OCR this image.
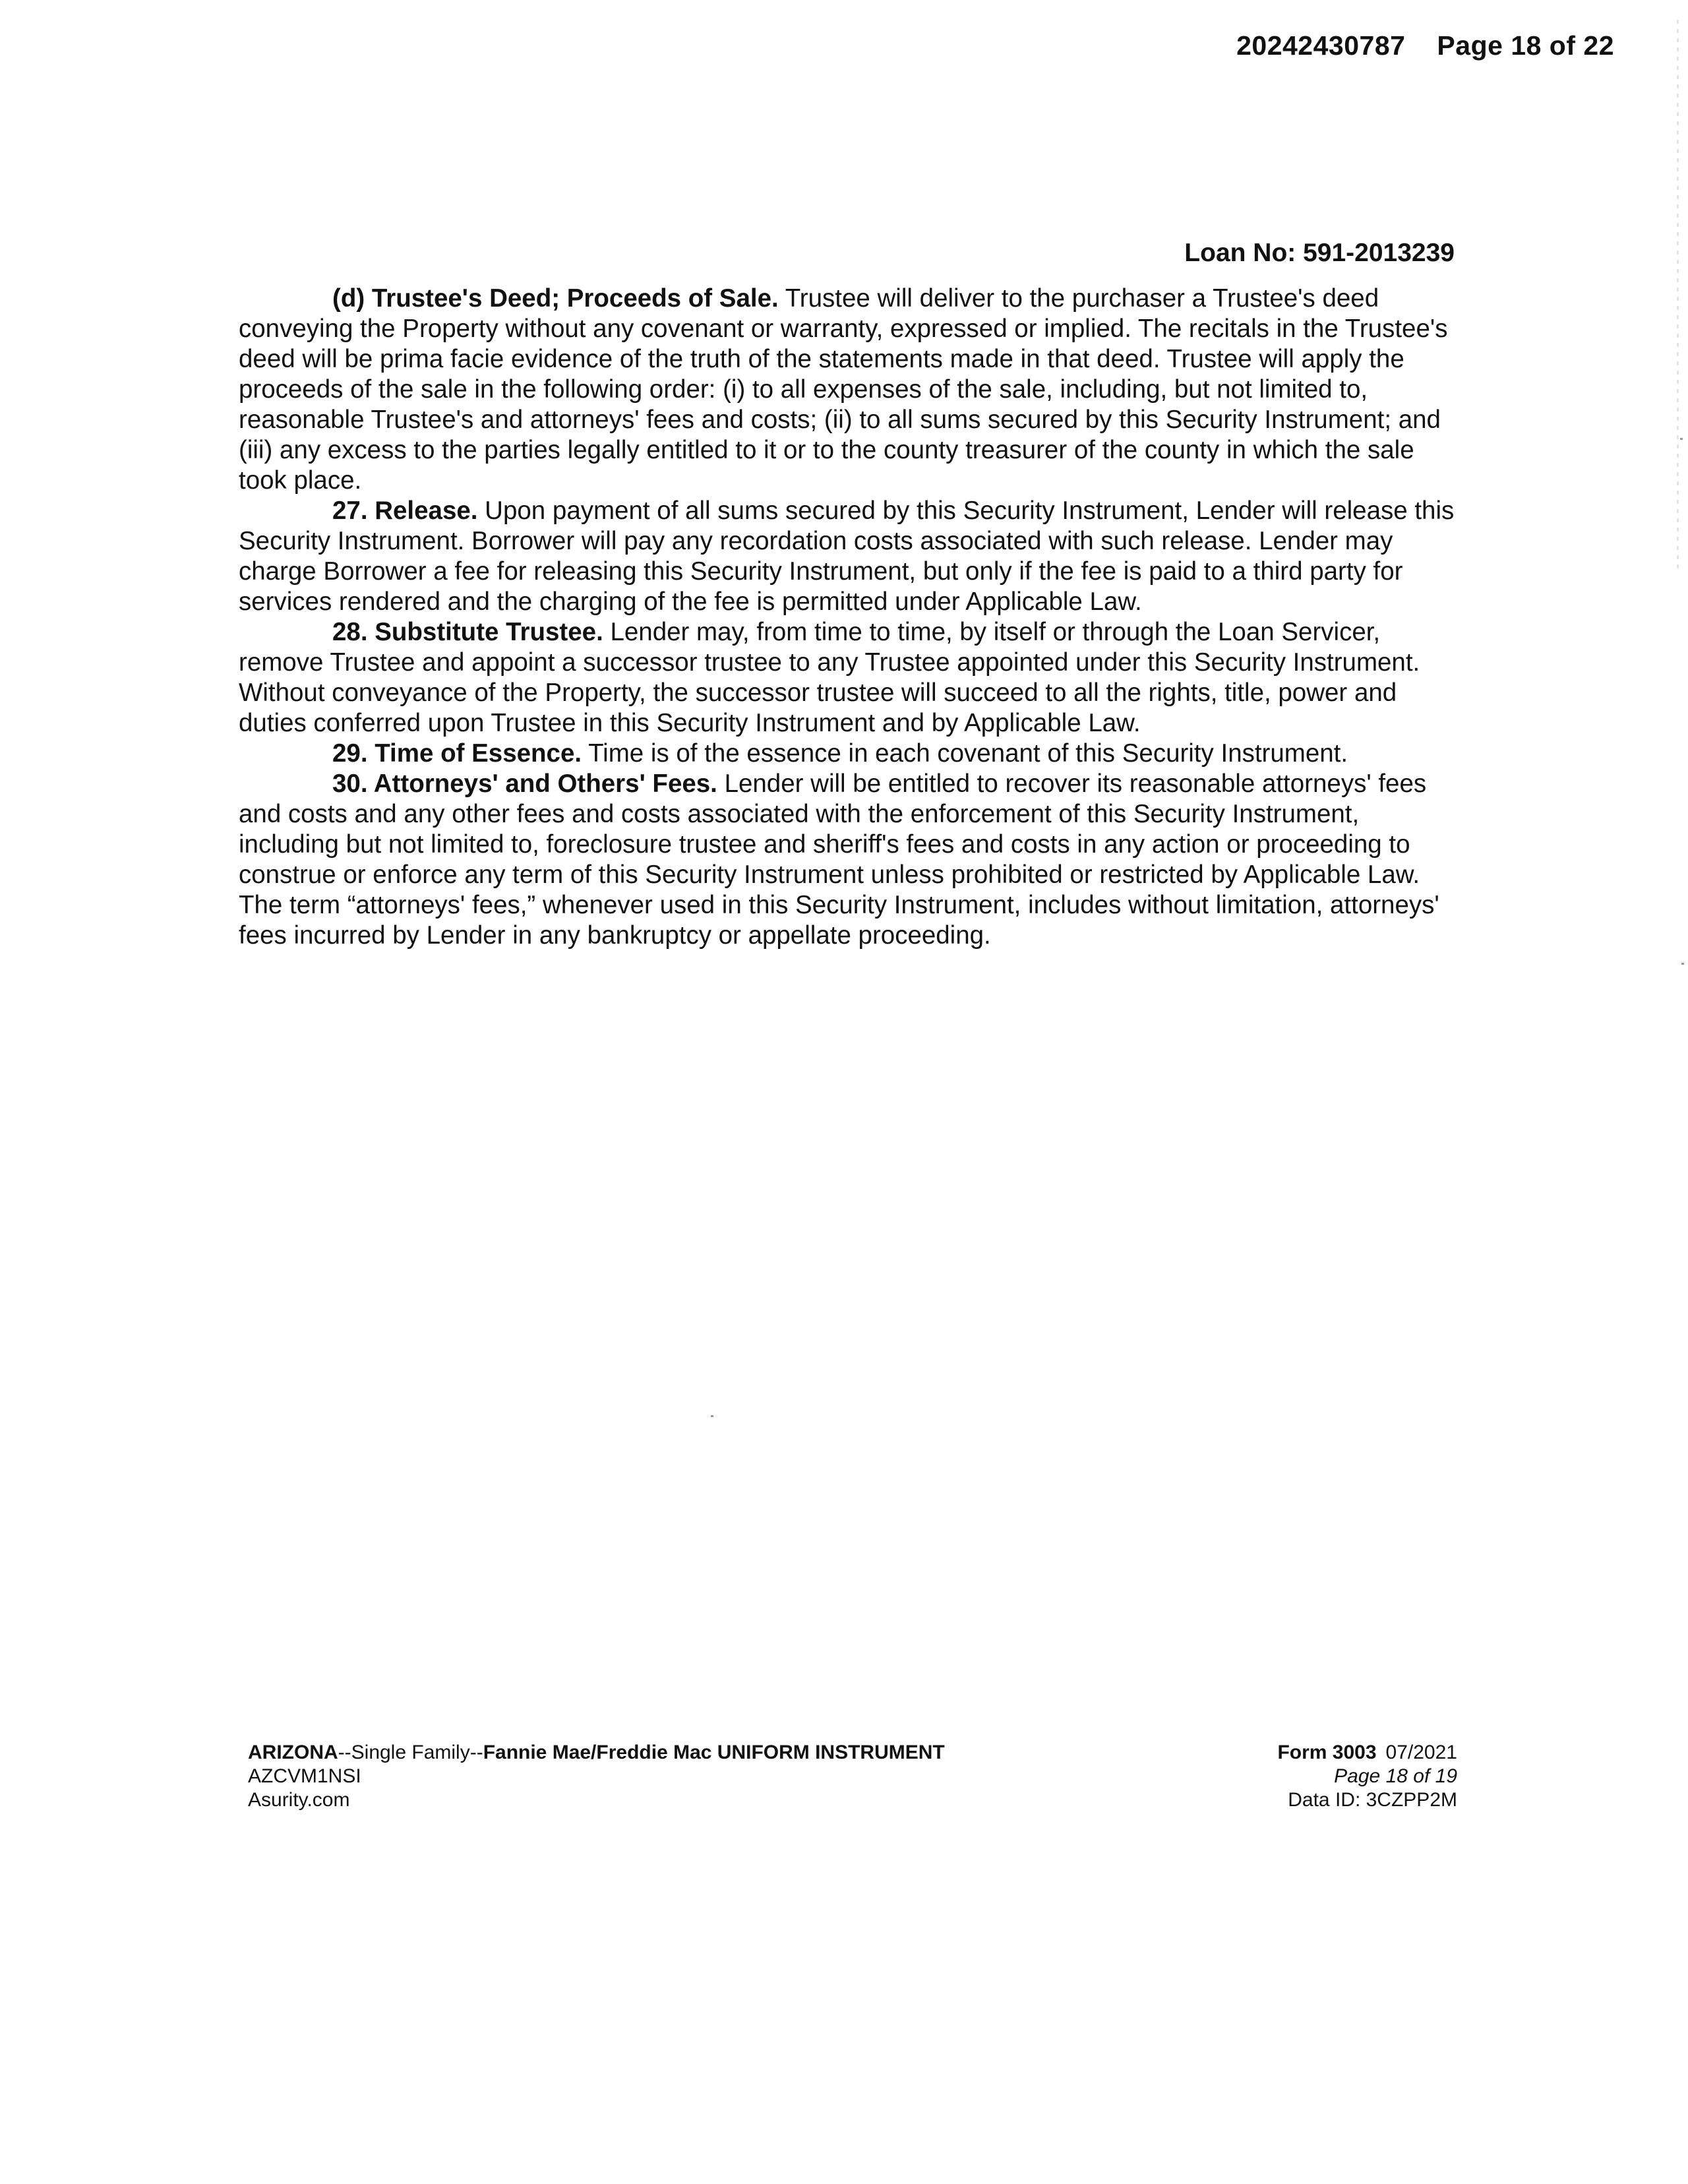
20242430787 Page 18 of 22
Loan No: 591-2013239

(d) Trustee's Deed; Proceeds of Sale. Trustee will deliver to the purchaser a Trustee's deed conveying the Property without any covenant or warranty, expressed or implied. The recitals in the Trustee's deed will be prima facie evidence of the truth of the statements made in that deed. Trustee will apply the proceeds of the sale in the following order: (i) to all expenses of the sale, including, but not limited to, reasonable Trustee's and attorneys' fees and costs; (ii) to all sums secured by this Security Instrument; and (iii) any excess to the parties legally entitled to it or to the county treasurer of the county in which the sale took place.

27. Release. Upon payment of all sums secured by this Security Instrument, Lender will release this Security Instrument. Borrower will pay any recordation costs associated with such release. Lender may charge Borrower a fee for releasing this Security Instrument, but only if the fee is paid to a third party for services rendered and the charging of the fee is permitted under Applicable Law.

28. Substitute Trustee. Lender may, from time to time, by itself or through the Loan Servicer, remove Trustee and appoint a successor trustee to any Trustee appointed under this Security Instrument. Without conveyance of the Property, the successor trustee will succeed to all the rights, title, power and duties conferred upon Trustee in this Security Instrument and by Applicable Law.

29. Time of Essence. Time is of the essence in each covenant of this Security Instrument.

30. Attorneys' and Others' Fees. Lender will be entitled to recover its reasonable attorneys' fees and costs and any other fees and costs associated with the enforcement of this Security Instrument, including but not limited to, foreclosure trustee and sheriff's fees and costs in any action or proceeding to construe or enforce any term of this Security Instrument unless prohibited or restricted by Applicable Law. The term “attorneys' fees,” whenever used in this Security Instrument, includes without limitation, attorneys' fees incurred by Lender in any bankruptcy or appellate proceeding.

ARIZONA--Single Family--Fannie Mae/Freddie Mac UNIFORM INSTRUMENT
AZCVM1NSI
Asurity.com
Form 3003 07/2021
Page 18 of 19
Data ID: 3CZPP2M
